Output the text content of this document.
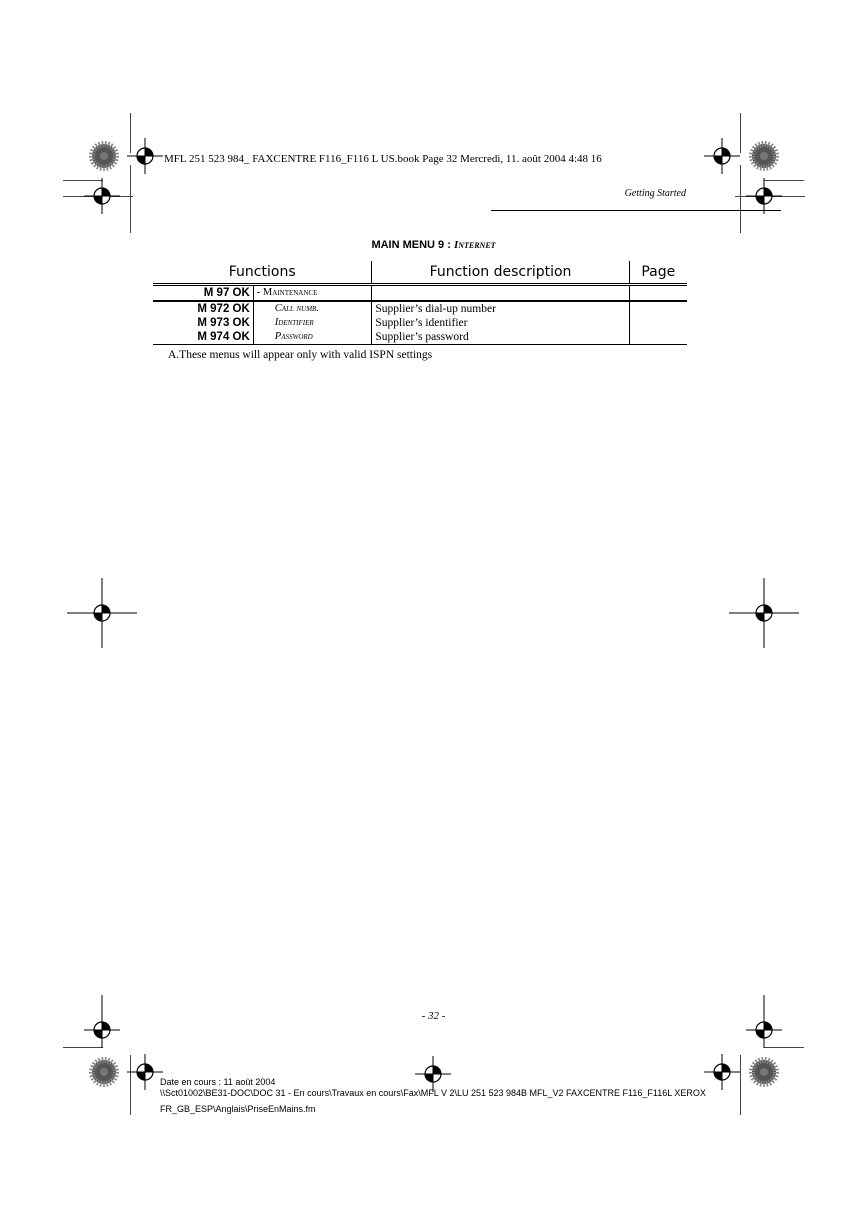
MFL 251 523 984_ FAXCENTRE F116_F116 L US.book Page 32 Mercredi, 11. août 2004 4:48 16
Getting Started
MAIN MENU 9 : Internet
Functions		Function description	Page
M 97 OK	- Maintenance		
M 972 OK	Call numb.	Supplier’s dial-up number	
M 973 OK	Identifier	Supplier’s identifier	
M 974 OK	Password	Supplier’s password	
A.These menus will appear only with valid ISPN settings
- 32 -
Date en cours : 11 août 2004
\\Sct01002\BE31-DOC\DOC 31 - En cours\Travaux en cours\Fax\MFL V 2\LU 251 523 984B MFL_V2 FAXCENTRE F116_F116L XEROX
FR_GB_ESP\Anglais\PriseEnMains.fm
